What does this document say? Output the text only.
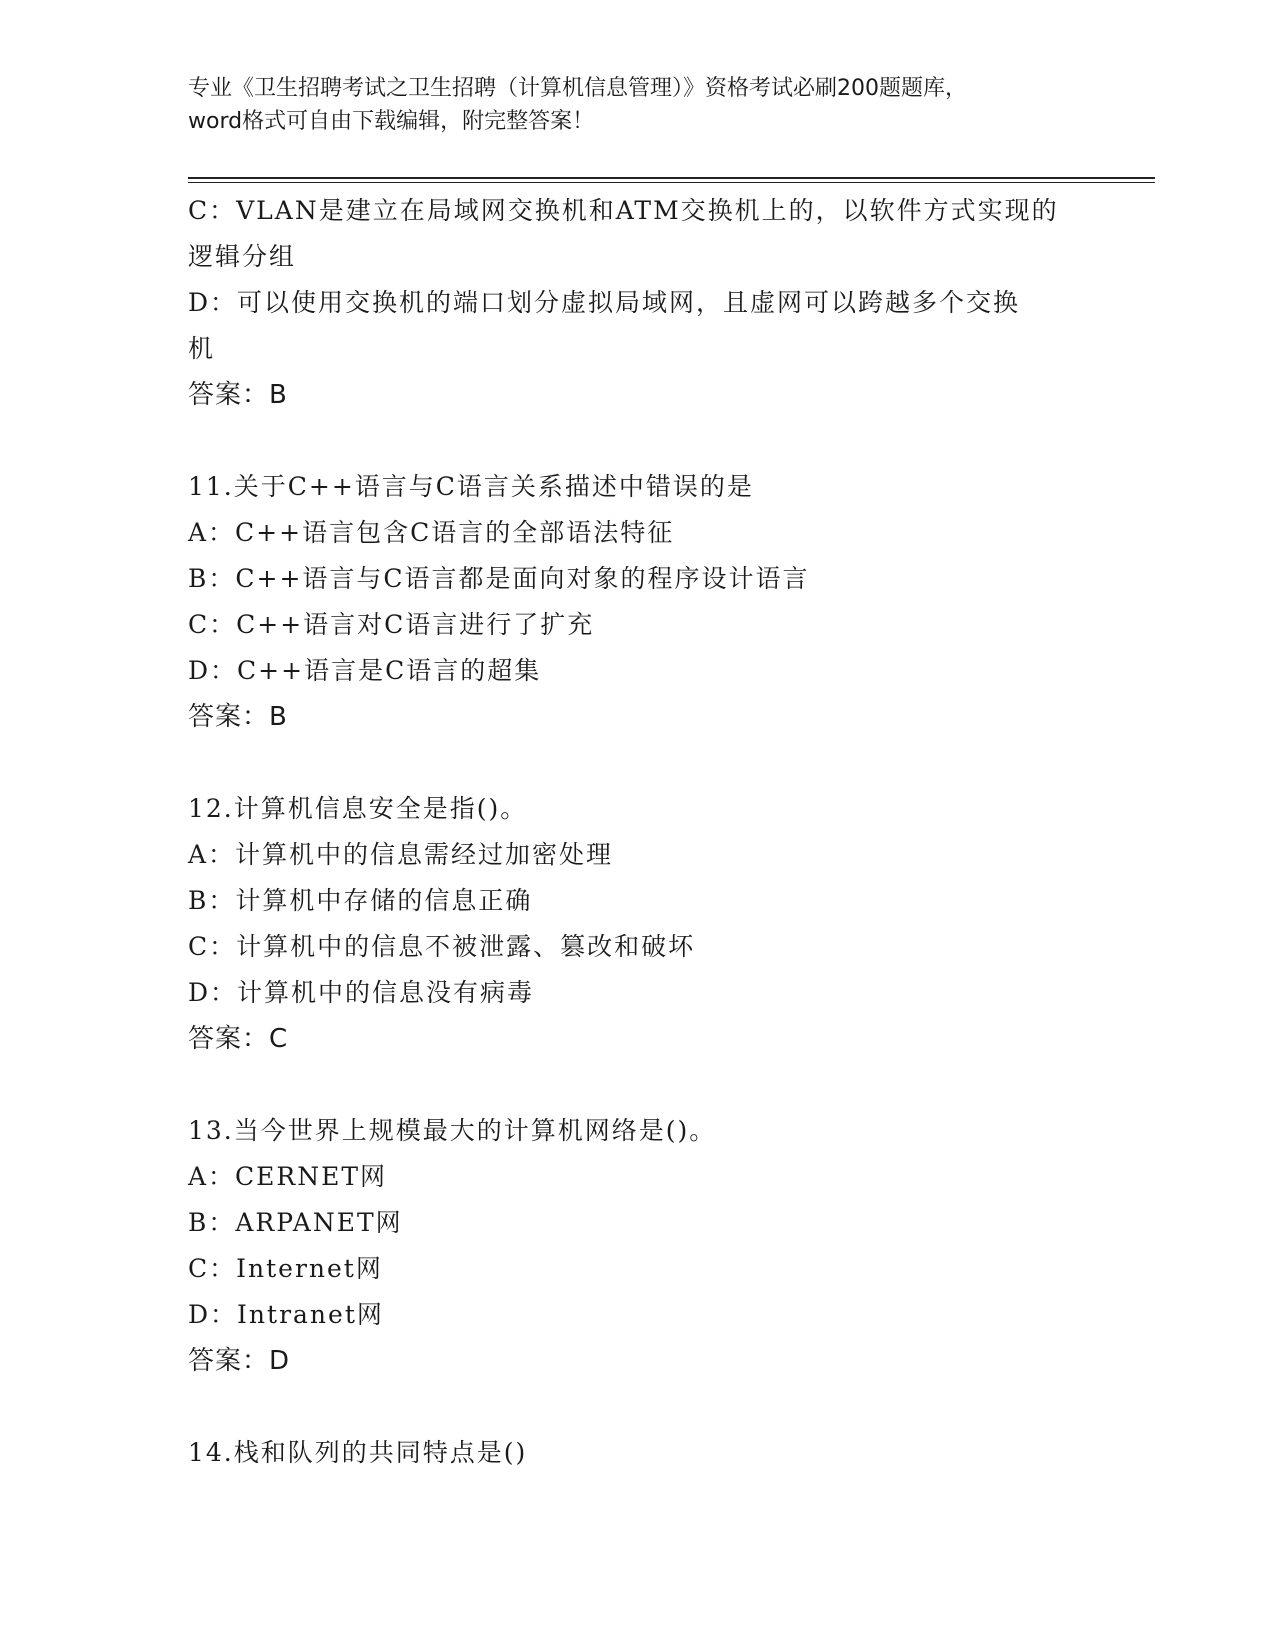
专业《卫生招聘考试之卫生招聘（计算机信息管理）》资格考试必刷200题题库，
word格式可自由下载编辑，附完整答案！
C：VLAN是建立在局域网交换机和ATM交换机上的，以软件方式实现的
逻辑分组
D：可以使用交换机的端口划分虚拟局域网，且虚网可以跨越多个交换
机
答案：B
11.关于C++语言与C语言关系描述中错误的是
A：C++语言包含C语言的全部语法特征
B：C++语言与C语言都是面向对象的程序设计语言
C：C++语言对C语言进行了扩充
D：C++语言是C语言的超集
答案：B
12.计算机信息安全是指()。
A：计算机中的信息需经过加密处理
B：计算机中存储的信息正确
C：计算机中的信息不被泄露、篡改和破坏
D：计算机中的信息没有病毒
答案：C
13.当今世界上规模最大的计算机网络是()。
A：CERNET网
B：ARPANET网
C：Internet网
D：Intranet网
答案：D
14.栈和队列的共同特点是()
